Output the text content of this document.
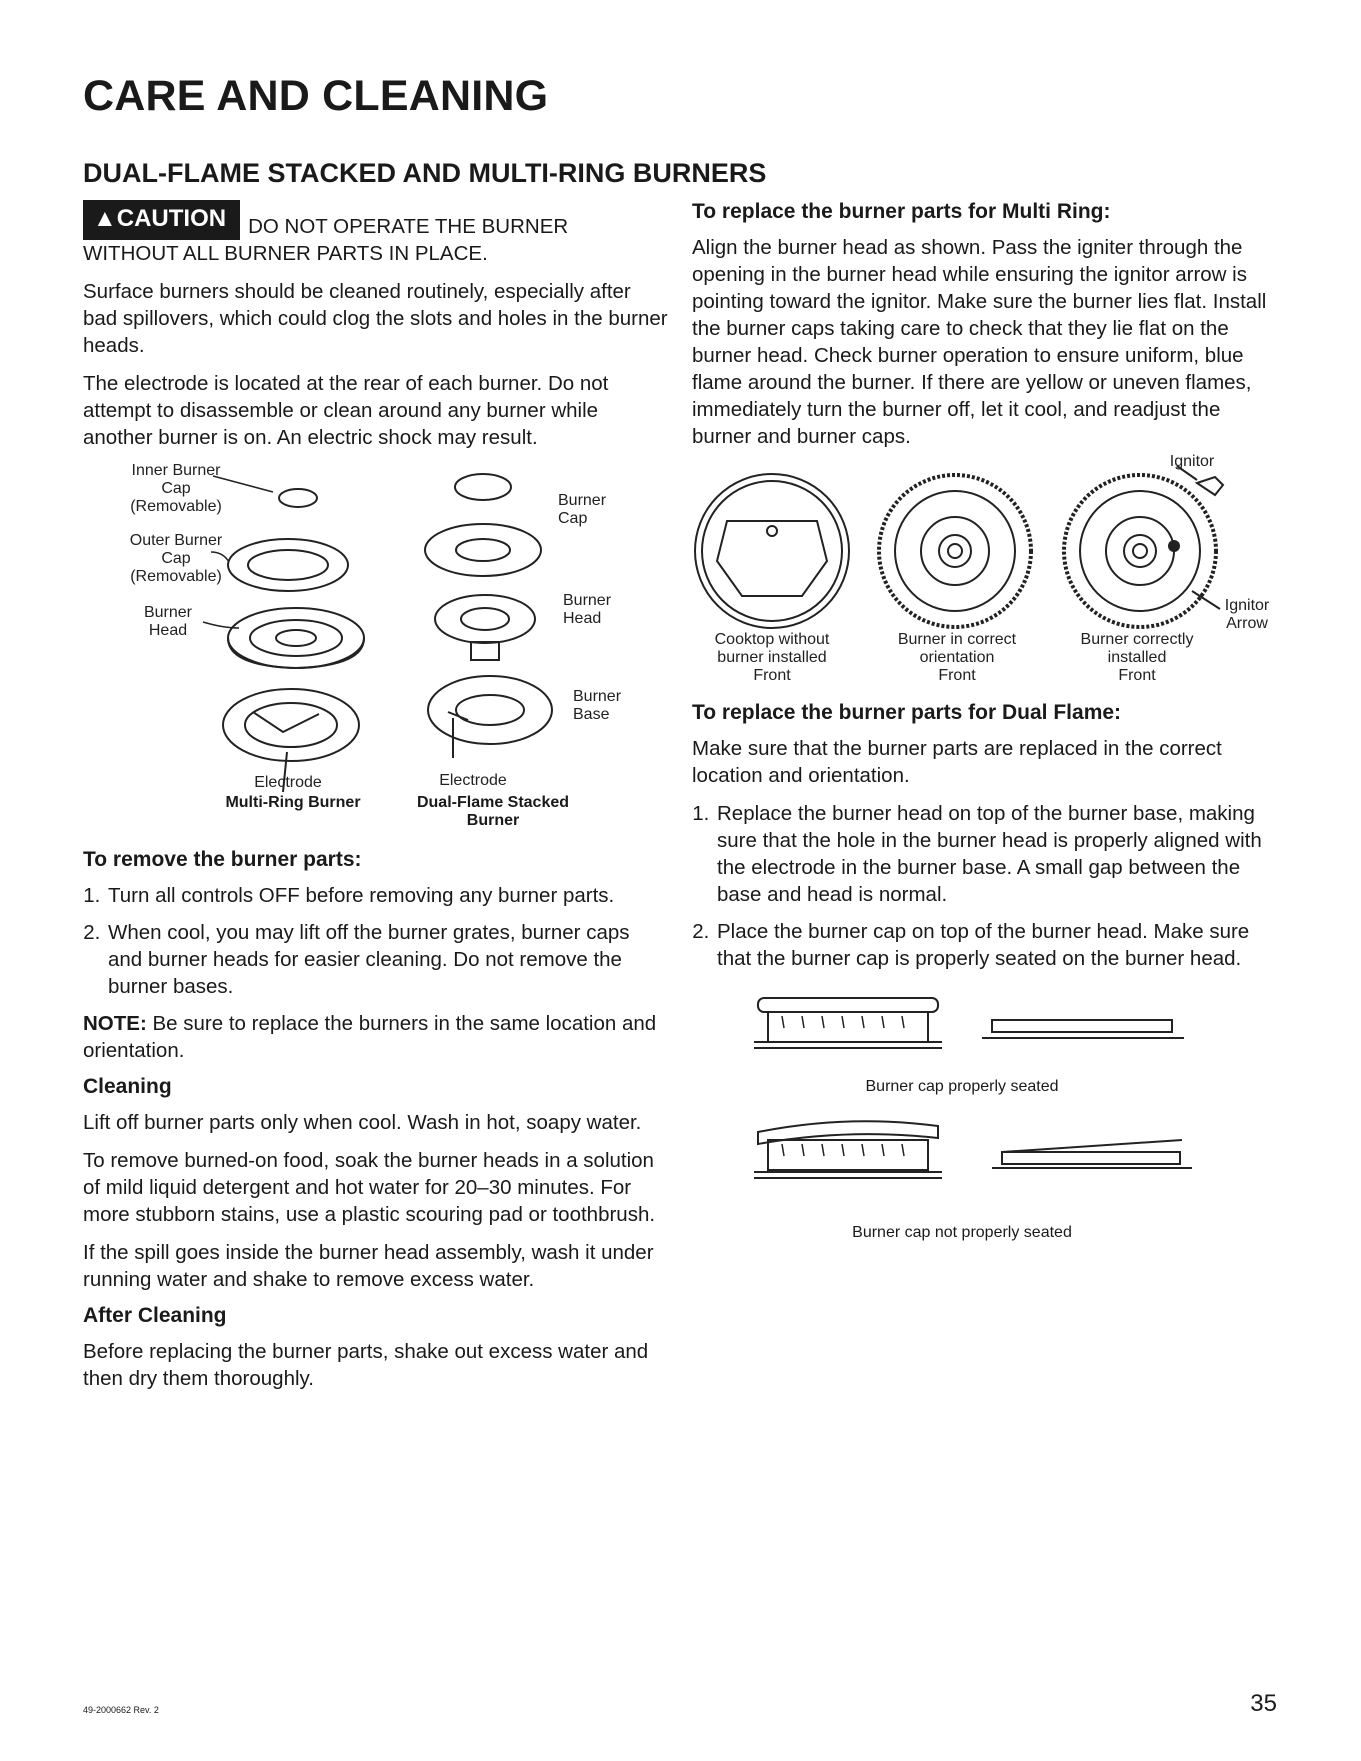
CARE AND CLEANING
DUAL-FLAME STACKED AND MULTI-RING BURNERS

▲CAUTION DO NOT OPERATE THE BURNER WITHOUT ALL BURNER PARTS IN PLACE.

Surface burners should be cleaned routinely, especially after bad spillovers, which could clog the slots and holes in the burner heads.

The electrode is located at the rear of each burner. Do not attempt to disassemble or clean around any burner while another burner is on. An electric shock may result.

Inner Burner Cap (Removable)
Outer Burner Cap (Removable)
Burner Head
Electrode
Multi-Ring Burner
Burner Cap
Burner Head
Burner Base
Electrode
Dual-Flame Stacked Burner
To remove the burner parts:
1. Turn all controls OFF before removing any burner parts.
2. When cool, you may lift off the burner grates, burner caps and burner heads for easier cleaning. Do not remove the burner bases.

NOTE: Be sure to replace the burners in the same location and orientation.

Cleaning

Lift off burner parts only when cool. Wash in hot, soapy water.

To remove burned-on food, soak the burner heads in a solution of mild liquid detergent and hot water for 20–30 minutes. For more stubborn stains, use a plastic scouring pad or toothbrush.

If the spill goes inside the burner head assembly, wash it under running water and shake to remove excess water.

After Cleaning

Before replacing the burner parts, shake out excess water and then dry them thoroughly.

To replace the burner parts for Multi Ring:

Align the burner head as shown. Pass the igniter through the opening in the burner head while ensuring the ignitor arrow is pointing toward the ignitor. Make sure the burner lies flat. Install the burner caps taking care to check that they lie flat on the burner head. Check burner operation to ensure uniform, blue flame around the burner. If there are yellow or uneven flames, immediately turn the burner off, let it cool, and readjust the burner and burner caps.

Ignitor
Ignitor Arrow
Cooktop without burner installed
Front
Burner in correct orientation
Front
Burner correctly installed
Front
To replace the burner parts for Dual Flame:

Make sure that the burner parts are replaced in the correct location and orientation.

1. Replace the burner head on top of the burner base, making sure that the hole in the burner head is properly aligned with the electrode in the burner base. A small gap between the base and head is normal.
2. Place the burner cap on top of the burner head. Make sure that the burner cap is properly seated on the burner head.
Burner cap properly seated
Burner cap not properly seated
49-2000662 Rev. 2	35
